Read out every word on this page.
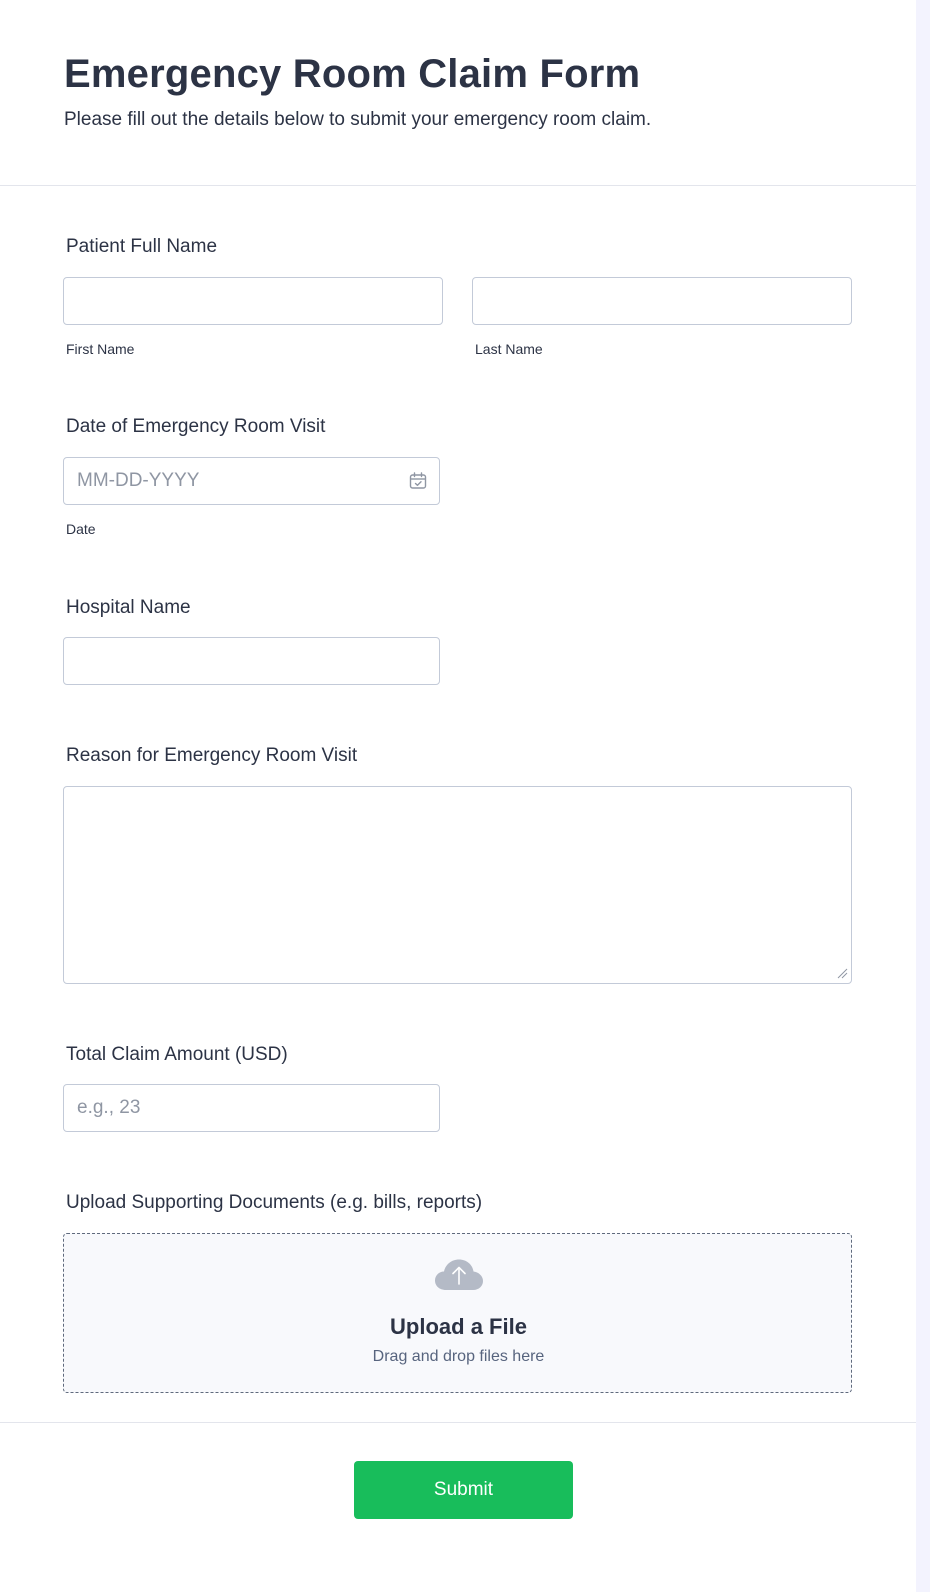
Emergency Room Claim Form

Please fill out the details below to submit your emergency room claim.

Patient Full Name
First Name	Last Name
Date of Emergency Room Visit
MM-DD-YYYY
Date
Hospital Name
Reason for Emergency Room Visit
Total Claim Amount (USD)
e.g., 23
Upload Supporting Documents (e.g. bills, reports)
Upload a File
Drag and drop files here
Submit
